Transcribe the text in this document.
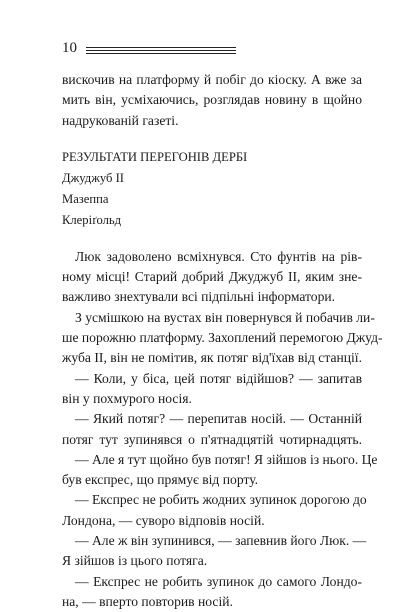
10
вискочив на платформу й побіг до кіоску. А вже за
мить він, усміхаючись, розглядав новину в щойно
надрукованій газеті.
РЕЗУЛЬТАТИ ПЕРЕГОНІВ ДЕРБІ
Джуджуб ІІ
Мазеппа
Клеріґольд
Люк задоволено всміхнувся. Сто фунтів на рів-
ному місці! Старий добрий Джуджуб ІІ, яким зне-
важливо знехтували всі підпільні інформатори.
З усмішкою на вустах він повернувся й побачив ли-
ше порожню платформу. Захоплений перемогою Джуд-
жуба ІІ, він не помітив, як потяг від'їхав від станції.
— Коли, у біса, цей потяг відійшов? — запитав
він у похмурого носія.
— Який потяг? — перепитав носій. — Останній
потяг тут зупинявся о п'ятнадцятій чотирнадцять.
— Але я тут щойно був потяг! Я зійшов із нього. Це
був експрес, що прямує від порту.
— Експрес не робить жодних зупинок дорогою до
Лондона, — суворо відповів носій.
— Але ж він зупинився, — запевнив його Люк. —
Я зійшов із цього потяга.
— Експрес не робить зупинок до самого Лондо-
на, — вперто повторив носій.
